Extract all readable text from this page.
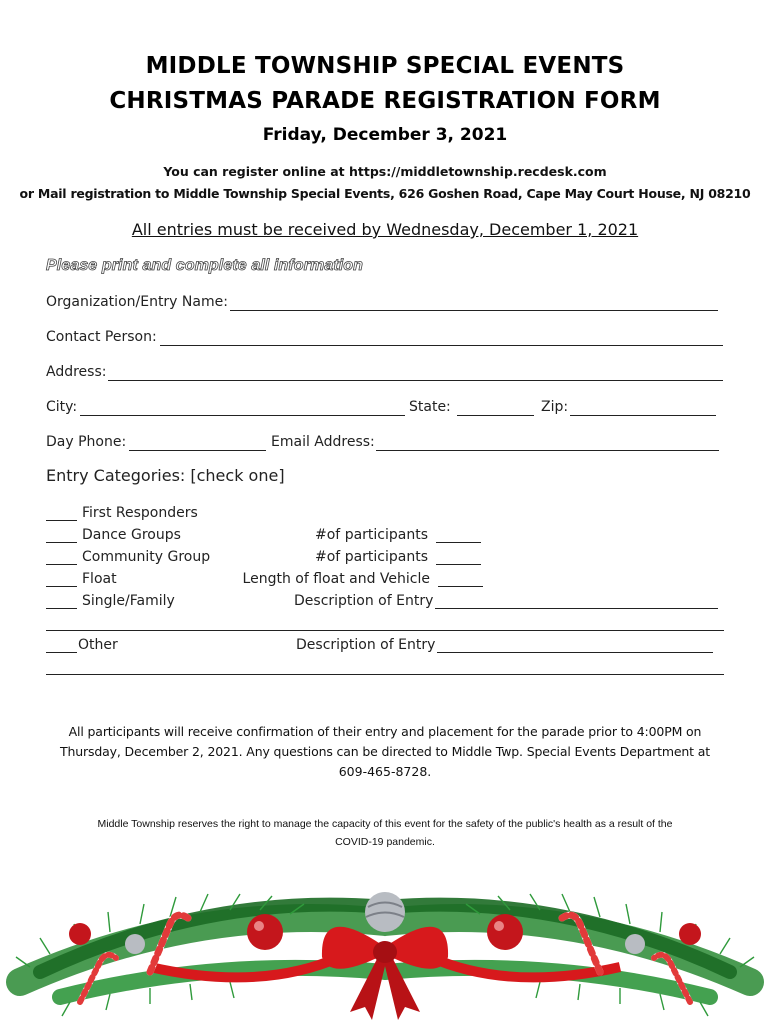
MIDDLE TOWNSHIP SPECIAL EVENTS
CHRISTMAS PARADE REGISTRATION FORM
Friday, December 3, 2021
You can register online at https://middletownship.recdesk.com
or Mail registration to Middle Township Special Events, 626 Goshen Road, Cape May Court House, NJ 08210
All entries must be received by Wednesday, December 1, 2021
Please print and complete all information
Organization/Entry Name:
Contact Person:
Address:
City:	State:	Zip:
Day Phone:	Email Address:
Entry Categories: [check one]
First Responders
Dance Groups	#of participants
Community Group	#of participants
Float	Length of float and Vehicle
Single/Family	Description of Entry
Other	Description of Entry
All participants will receive confirmation of their entry and placement for the parade prior to 4:00PM on
Thursday, December 2, 2021. Any questions can be directed to Middle Twp. Special Events Department at
609-465-8728.
Middle Township reserves the right to manage the capacity of this event for the safety of the public's health as a result of the
COVID-19 pandemic.
